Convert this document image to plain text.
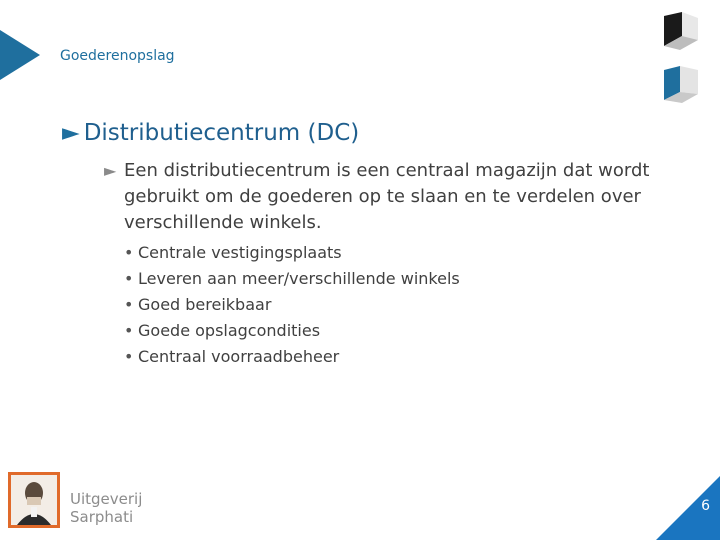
Goederenopslag
► Distributiecentrum (DC)
► Een distributiecentrum is een centraal magazijn dat wordt gebruikt om de goederen op te slaan en te verdelen over verschillende winkels.
• Centrale vestigingsplaats
• Leveren aan meer/verschillende winkels
• Goed bereikbaar
• Goede opslagcondities
• Centraal voorraadbeheer
Uitgeverij
Sarphati
6
